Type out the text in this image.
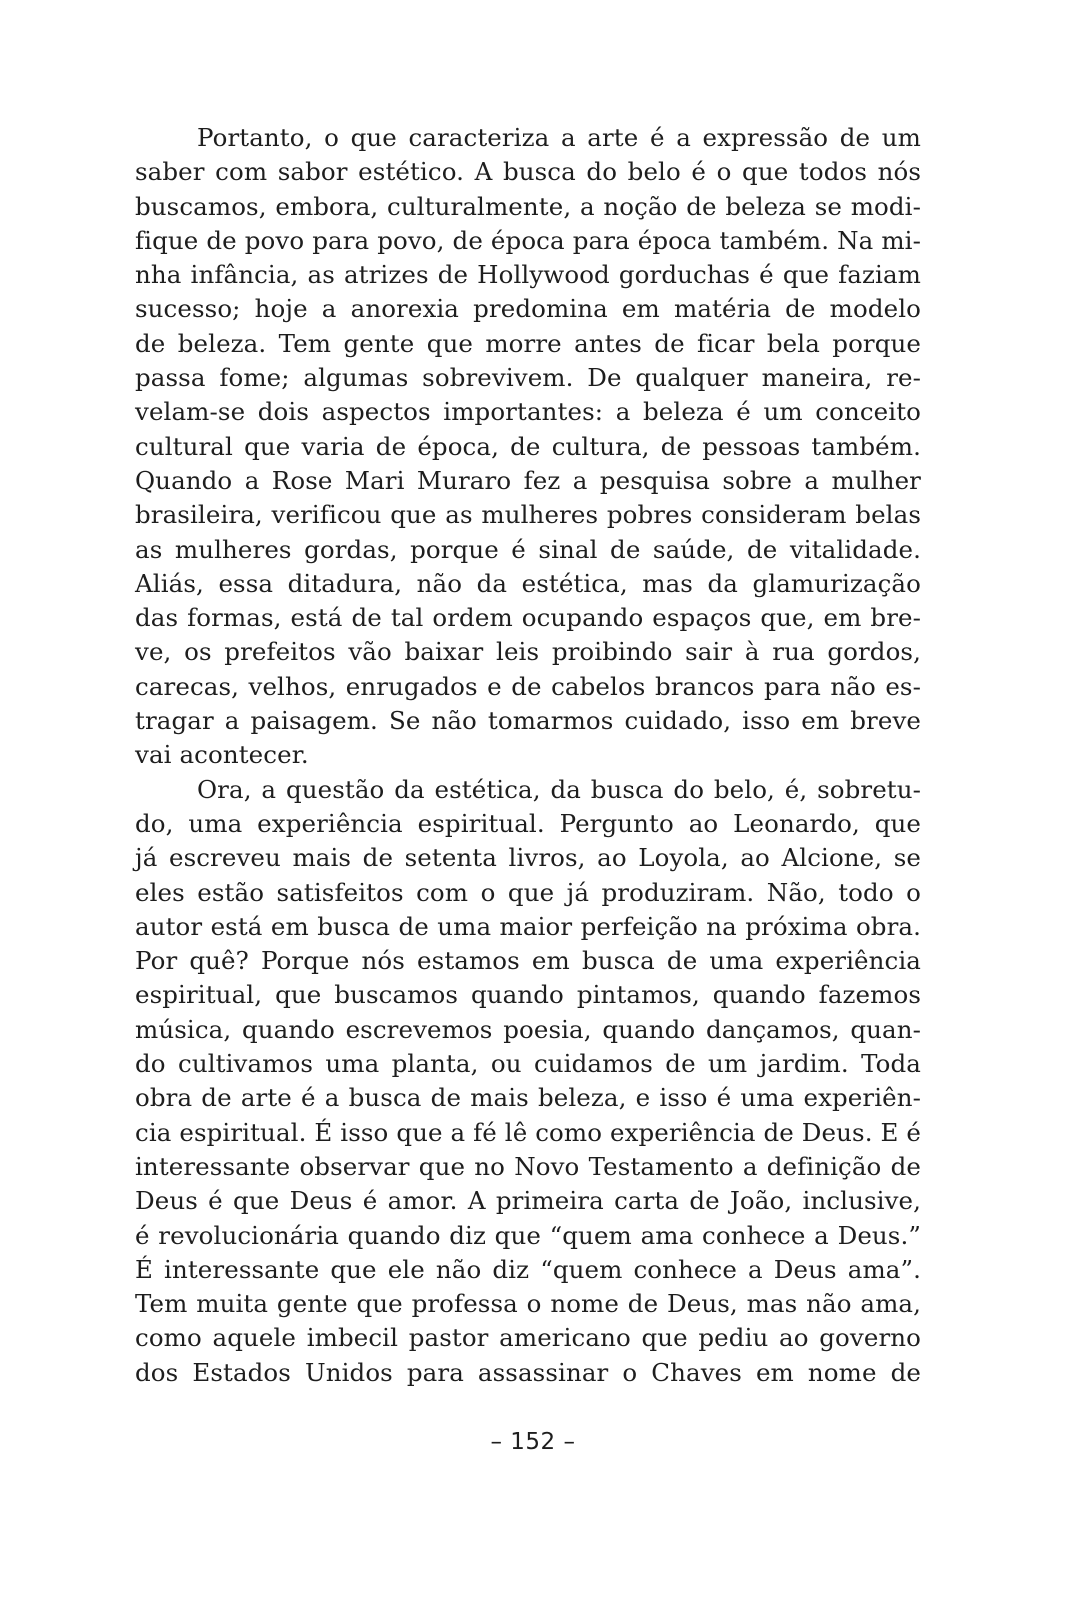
Portanto, o que caracteriza a arte é a expressão de um
saber com sabor estético. A busca do belo é o que todos nós
buscamos, embora, culturalmente, a noção de beleza se modi-
fique de povo para povo, de época para época também. Na mi-
nha infância, as atrizes de Hollywood gorduchas é que faziam
sucesso; hoje a anorexia predomina em matéria de modelo
de beleza. Tem gente que morre antes de ficar bela porque
passa fome; algumas sobrevivem. De qualquer maneira, re-
velam-se dois aspectos importantes: a beleza é um conceito
cultural que varia de época, de cultura, de pessoas também.
Quando a Rose Mari Muraro fez a pesquisa sobre a mulher
brasileira, verificou que as mulheres pobres consideram belas
as mulheres gordas, porque é sinal de saúde, de vitalidade.
Aliás, essa ditadura, não da estética, mas da glamurização
das formas, está de tal ordem ocupando espaços que, em bre-
ve, os prefeitos vão baixar leis proibindo sair à rua gordos,
carecas, velhos, enrugados e de cabelos brancos para não es-
tragar a paisagem. Se não tomarmos cuidado, isso em breve
vai acontecer.
Ora, a questão da estética, da busca do belo, é, sobretu-
do, uma experiência espiritual. Pergunto ao Leonardo, que
já escreveu mais de setenta livros, ao Loyola, ao Alcione, se
eles estão satisfeitos com o que já produziram. Não, todo o
autor está em busca de uma maior perfeição na próxima obra.
Por quê? Porque nós estamos em busca de uma experiência
espiritual, que buscamos quando pintamos, quando fazemos
música, quando escrevemos poesia, quando dançamos, quan-
do cultivamos uma planta, ou cuidamos de um jardim. Toda
obra de arte é a busca de mais beleza, e isso é uma experiên-
cia espiritual. É isso que a fé lê como experiência de Deus. E é
interessante observar que no Novo Testamento a definição de
Deus é que Deus é amor. A primeira carta de João, inclusive,
é revolucionária quando diz que “quem ama conhece a Deus.”
É interessante que ele não diz “quem conhece a Deus ama”.
Tem muita gente que professa o nome de Deus, mas não ama,
como aquele imbecil pastor americano que pediu ao governo
dos Estados Unidos para assassinar o Chaves em nome de
– 152 –
